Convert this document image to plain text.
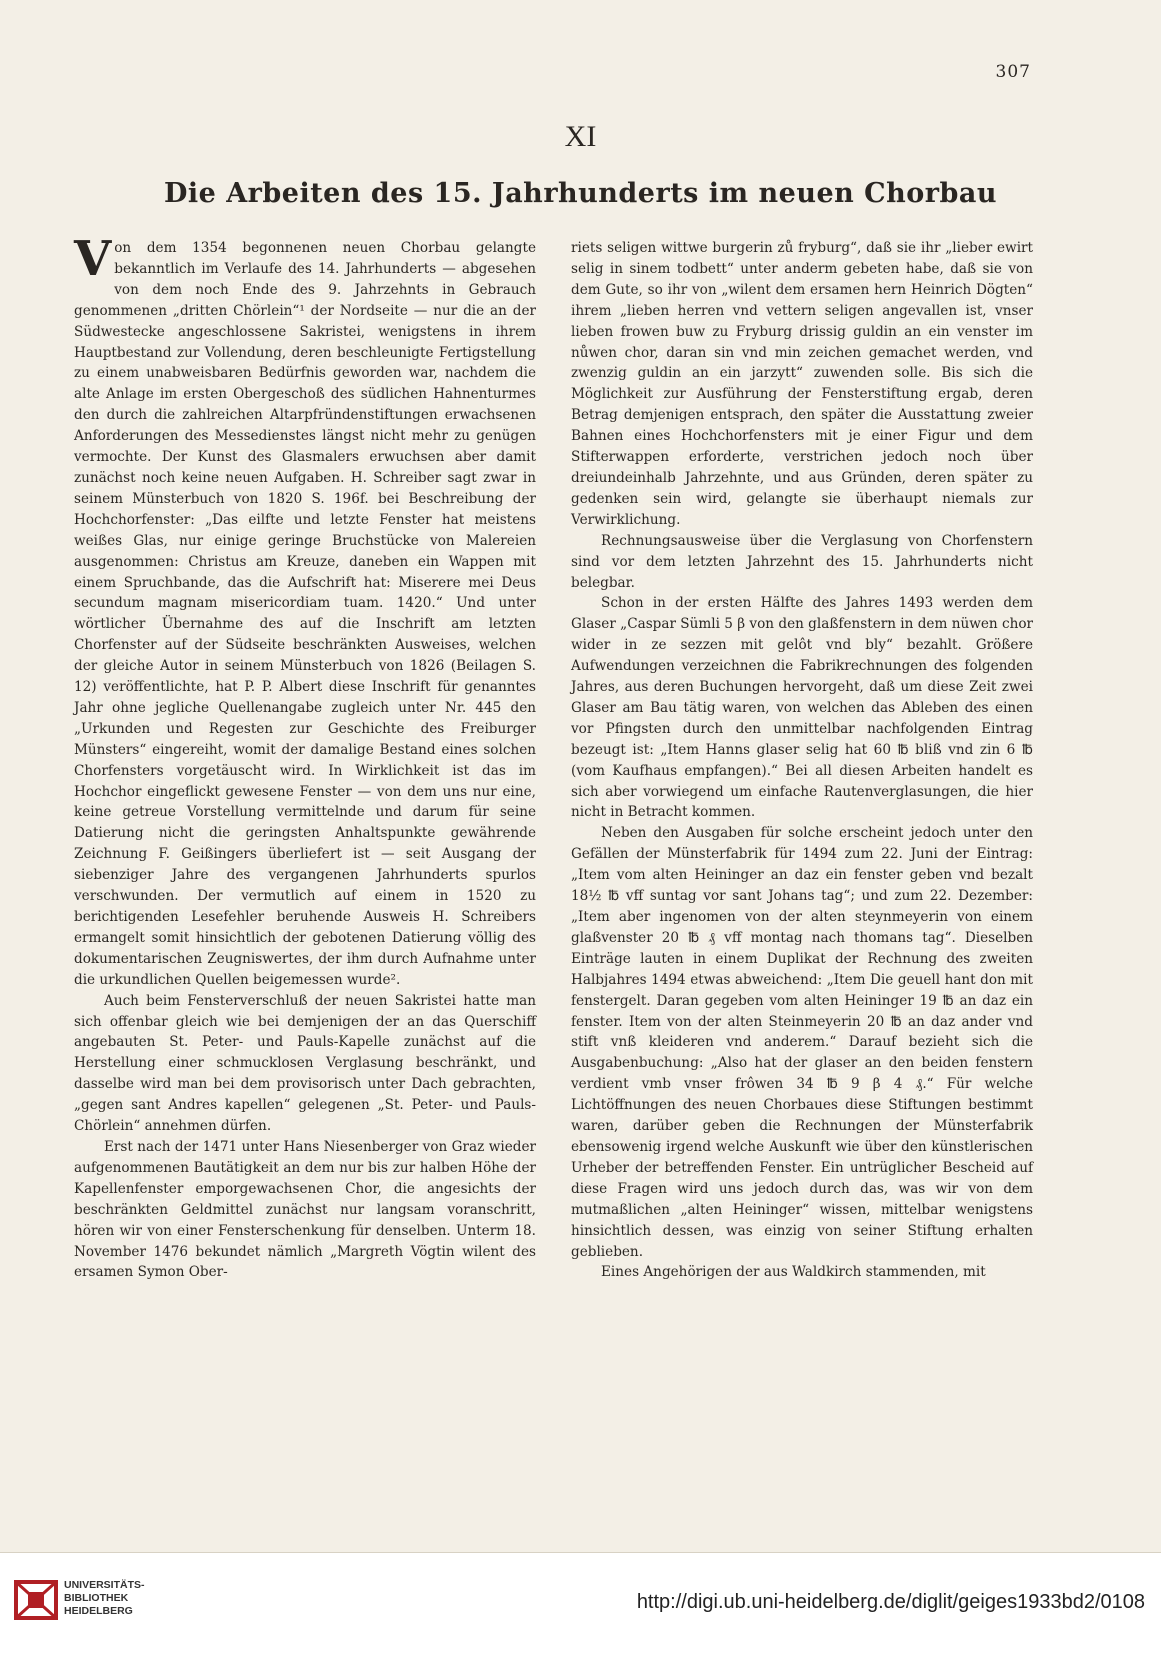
307
XI
Die Arbeiten des 15. Jahrhunderts im neuen Chorbau

Von dem 1354 begonnenen neuen Chorbau gelangte bekanntlich im Verlaufe des 14. Jahrhunderts — abgesehen von dem noch Ende des 9. Jahrzehnts in Gebrauch genommenen „dritten Chörlein“¹ der Nordseite — nur die an der Südwestecke angeschlossene Sakristei, wenigstens in ihrem Hauptbestand zur Vollendung, deren beschleunigte Fertigstellung zu einem unabweisbaren Bedürfnis geworden war, nachdem die alte Anlage im ersten Obergeschoß des südlichen Hahnenturmes den durch die zahlreichen Altarpfründenstiftungen erwachsenen Anforderungen des Messedienstes längst nicht mehr zu genügen vermochte. Der Kunst des Glasmalers erwuchsen aber damit zunächst noch keine neuen Aufgaben. H. Schreiber sagt zwar in seinem Münsterbuch von 1820 S. 196f. bei Beschreibung der Hochchorfenster: „Das eilfte und letzte Fenster hat meistens weißes Glas, nur einige geringe Bruchstücke von Malereien ausgenommen: Christus am Kreuze, daneben ein Wappen mit einem Spruchbande, das die Aufschrift hat: Miserere mei Deus secundum magnam misericordiam tuam. 1420.“ Und unter wörtlicher Übernahme des auf die Inschrift am letzten Chorfenster auf der Südseite beschränkten Ausweises, welchen der gleiche Autor in seinem Münsterbuch von 1826 (Beilagen S. 12) veröffentlichte, hat P. P. Albert diese Inschrift für genanntes Jahr ohne jegliche Quellenangabe zugleich unter Nr. 445 den „Urkunden und Regesten zur Geschichte des Freiburger Münsters“ eingereiht, womit der damalige Bestand eines solchen Chorfensters vorgetäuscht wird. In Wirklichkeit ist das im Hochchor eingeflickt gewesene Fenster — von dem uns nur eine, keine getreue Vorstellung vermittelnde und darum für seine Datierung nicht die geringsten Anhaltspunkte gewährende Zeichnung F. Geißingers überliefert ist — seit Ausgang der siebenziger Jahre des vergangenen Jahrhunderts spurlos verschwunden. Der vermutlich auf einem in 1520 zu berichtigenden Lesefehler beruhende Ausweis H. Schreibers ermangelt somit hinsichtlich der gebotenen Datierung völlig des dokumentarischen Zeugniswertes, der ihm durch Aufnahme unter die urkundlichen Quellen beigemessen wurde².

Auch beim Fensterverschluß der neuen Sakristei hatte man sich offenbar gleich wie bei demjenigen der an das Querschiff angebauten St. Peter- und Pauls-Kapelle zunächst auf die Herstellung einer schmucklosen Verglasung beschränkt, und dasselbe wird man bei dem provisorisch unter Dach gebrachten, „gegen sant Andres kapellen“ gelegenen „St. Peter- und Pauls-Chörlein“ annehmen dürfen.

Erst nach der 1471 unter Hans Niesenberger von Graz wieder aufgenommenen Bautätigkeit an dem nur bis zur halben Höhe der Kapellenfenster emporgewachsenen Chor, die angesichts der beschränkten Geldmittel zunächst nur langsam voranschritt, hören wir von einer Fensterschenkung für denselben. Unterm 18. November 1476 bekundet nämlich „Margreth Vögtin wilent des ersamen Symon Ober-

riets seligen wittwe burgerin zů fryburg“, daß sie ihr „lieber ewirt selig in sinem todbett“ unter anderm gebeten habe, daß sie von dem Gute, so ihr von „wilent dem ersamen hern Heinrich Dögten“ ihrem „lieben herren vnd vettern seligen angevallen ist, vnser lieben frowen buw zu Fryburg drissig guldin an ein venster im nůwen chor, daran sin vnd min zeichen gemachet werden, vnd zwenzig guldin an ein jarzytt“ zuwenden solle. Bis sich die Möglichkeit zur Ausführung der Fensterstiftung ergab, deren Betrag demjenigen entsprach, den später die Ausstattung zweier Bahnen eines Hochchorfensters mit je einer Figur und dem Stifterwappen erforderte, verstrichen jedoch noch über dreiundeinhalb Jahrzehnte, und aus Gründen, deren später zu gedenken sein wird, gelangte sie überhaupt niemals zur Verwirklichung.

Rechnungsausweise über die Verglasung von Chorfenstern sind vor dem letzten Jahrzehnt des 15. Jahrhunderts nicht belegbar.

Schon in der ersten Hälfte des Jahres 1493 werden dem Glaser „Caspar Sümli 5 β von den glaßfenstern in dem nüwen chor wider in ze sezzen mit gelôt vnd bly“ bezahlt. Größere Aufwendungen verzeichnen die Fabrikrechnungen des folgenden Jahres, aus deren Buchungen hervorgeht, daß um diese Zeit zwei Glaser am Bau tätig waren, von welchen das Ableben des einen vor Pfingsten durch den unmittelbar nachfolgenden Eintrag bezeugt ist: „Item Hanns glaser selig hat 60 ℔ bliß vnd zin 6 ℔ (vom Kaufhaus empfangen).“ Bei all diesen Arbeiten handelt es sich aber vorwiegend um einfache Rautenverglasungen, die hier nicht in Betracht kommen.

Neben den Ausgaben für solche erscheint jedoch unter den Gefällen der Münsterfabrik für 1494 zum 22. Juni der Eintrag: „Item vom alten Heininger an daz ein fenster geben vnd bezalt 18½ ℔ vff suntag vor sant Johans tag“; und zum 22. Dezember: „Item aber ingenomen von der alten steynmeyerin von einem glaßvenster 20 ℔ ₰ vff montag nach thomans tag“. Dieselben Einträge lauten in einem Duplikat der Rechnung des zweiten Halbjahres 1494 etwas abweichend: „Item Die geuell hant don mit fenstergelt. Daran gegeben vom alten Heininger 19 ℔ an daz ein fenster. Item von der alten Steinmeyerin 20 ℔ an daz ander vnd stift vnß kleideren vnd anderem.“ Darauf bezieht sich die Ausgabenbuchung: „Also hat der glaser an den beiden fenstern verdient vmb vnser frôwen 34 ℔ 9 β 4 ₰.“ Für welche Lichtöffnungen des neuen Chorbaues diese Stiftungen bestimmt waren, darüber geben die Rechnungen der Münsterfabrik ebensowenig irgend welche Auskunft wie über den künstlerischen Urheber der betreffenden Fenster. Ein untrüglicher Bescheid auf diese Fragen wird uns jedoch durch das, was wir von dem mutmaßlichen „alten Heininger“ wissen, mittelbar wenigstens hinsichtlich dessen, was einzig von seiner Stiftung erhalten geblieben.

Eines Angehörigen der aus Waldkirch stammenden, mit

UNIVERSITÄTS-
BIBLIOTHEK
HEIDELBERG	http://digi.ub.uni-heidelberg.de/diglit/geiges1933bd2/0108
